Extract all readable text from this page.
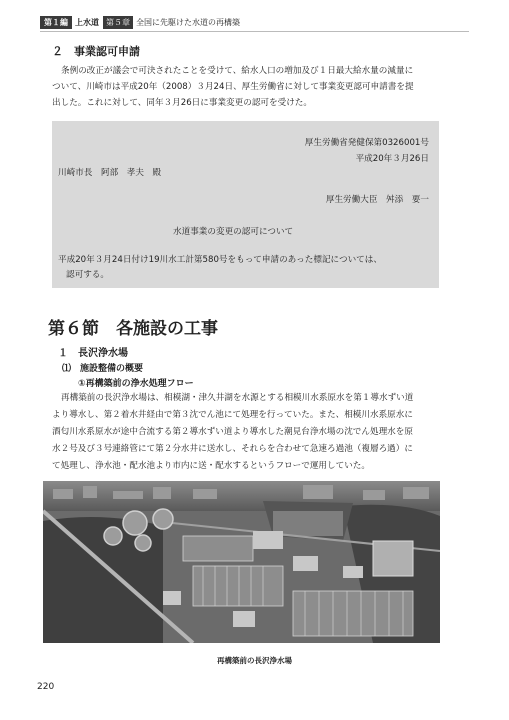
第１編 上水道 第５章 全国に先駆けた水道の再構築
２　事業認可申請
条例の改正が議会で可決されたことを受けて、給水人口の増加及び１日最大給水量の減量に
ついて、川崎市は平成20年（2008）３月24日、厚生労働省に対して事業変更認可申請書を提
出した。これに対して、同年３月26日に事業変更の認可を受けた。
厚生労働省発健保第0326001号
平成20年３月26日
川崎市長　阿部　孝夫　殿
厚生労働大臣　舛添　要一
水道事業の変更の認可について
平成20年３月24日付け19川水工計第580号をもって申請のあった標記については、
認可する。
第６節　各施設の工事
１　長沢浄水場
⑴　施設整備の概要
①再構築前の浄水処理フロー
再構築前の長沢浄水場は、相模湖・津久井湖を水源とする相模川水系原水を第１導水ずい道
より導水し、第２着水井経由で第３沈でん池にて処理を行っていた。また、相模川水系原水に
酒匂川水系原水が途中合流する第２導水ずい道より導水した潮見台浄水場の沈でん処理水を原
水２号及び３号連絡管にて第２分水井に送水し、それらを合わせて急速ろ過池（複層ろ過）に
て処理し、浄水池・配水池より市内に送・配水するというフローで運用していた。
再構築前の長沢浄水場
220
